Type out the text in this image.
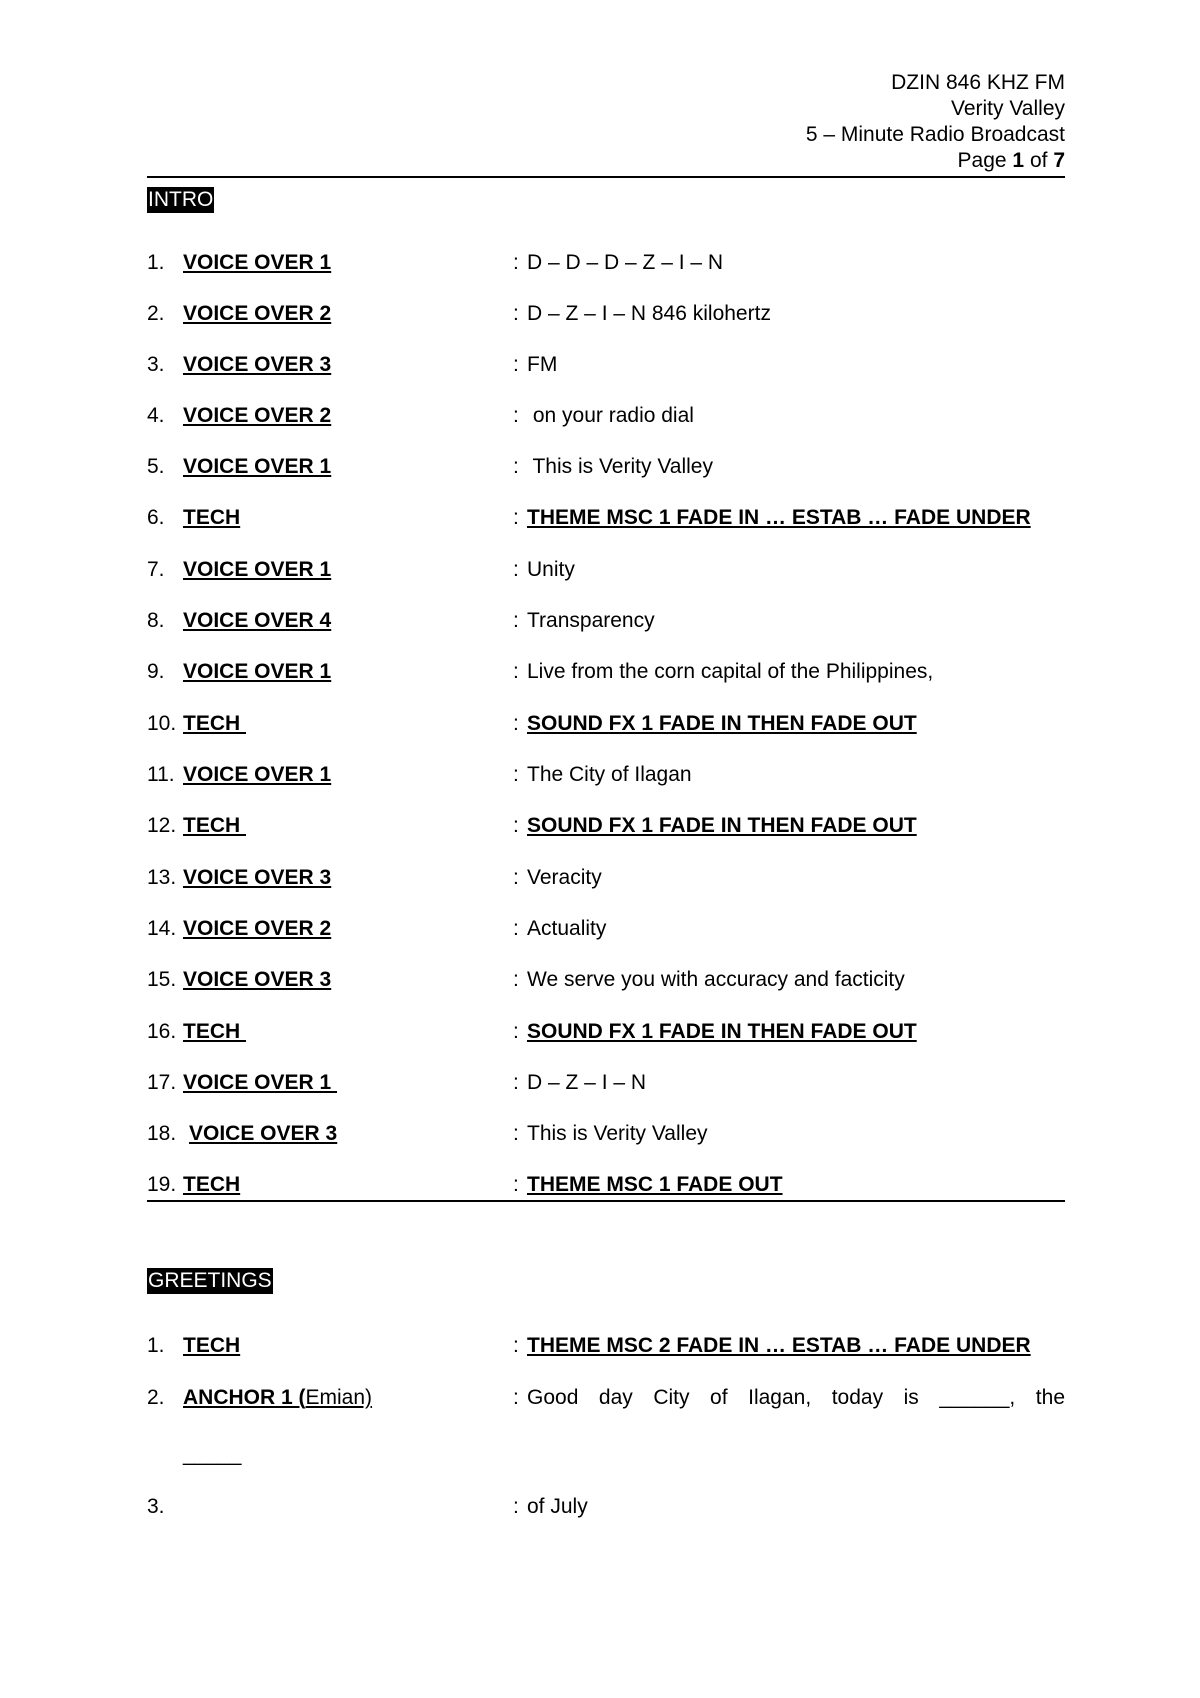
DZIN 846 KHZ FM
Verity Valley
5 – Minute Radio Broadcast
Page 1 of 7
INTRO
1. VOICE OVER 1	: D – D – D – Z – I – N
2. VOICE OVER 2	: D – Z – I – N 846 kilohertz
3. VOICE OVER 3	: FM
4. VOICE OVER 2	: on your radio dial
5. VOICE OVER 1	: This is Verity Valley
6. TECH	: THEME MSC 1 FADE IN … ESTAB … FADE UNDER
7. VOICE OVER 1	: Unity
8. VOICE OVER 4	: Transparency
9. VOICE OVER 1	: Live from the corn capital of the Philippines,
10. TECH	: SOUND FX 1 FADE IN THEN FADE OUT
11. VOICE OVER 1	: The City of Ilagan
12. TECH	: SOUND FX 1 FADE IN THEN FADE OUT
13. VOICE OVER 3	: Veracity
14. VOICE OVER 2	: Actuality
15. VOICE OVER 3	: We serve you with accuracy and facticity
16. TECH	: SOUND FX 1 FADE IN THEN FADE OUT
17. VOICE OVER 1	: D – Z – I – N
18. VOICE OVER 3	: This is Verity Valley
19. TECH	: THEME MSC 1 FADE OUT
GREETINGS
1. TECH	: THEME MSC 2 FADE IN … ESTAB … FADE UNDER
2. ANCHOR 1 (Emian)	: Good day City of Ilagan, today is ______, the
_____
3.	: of July
